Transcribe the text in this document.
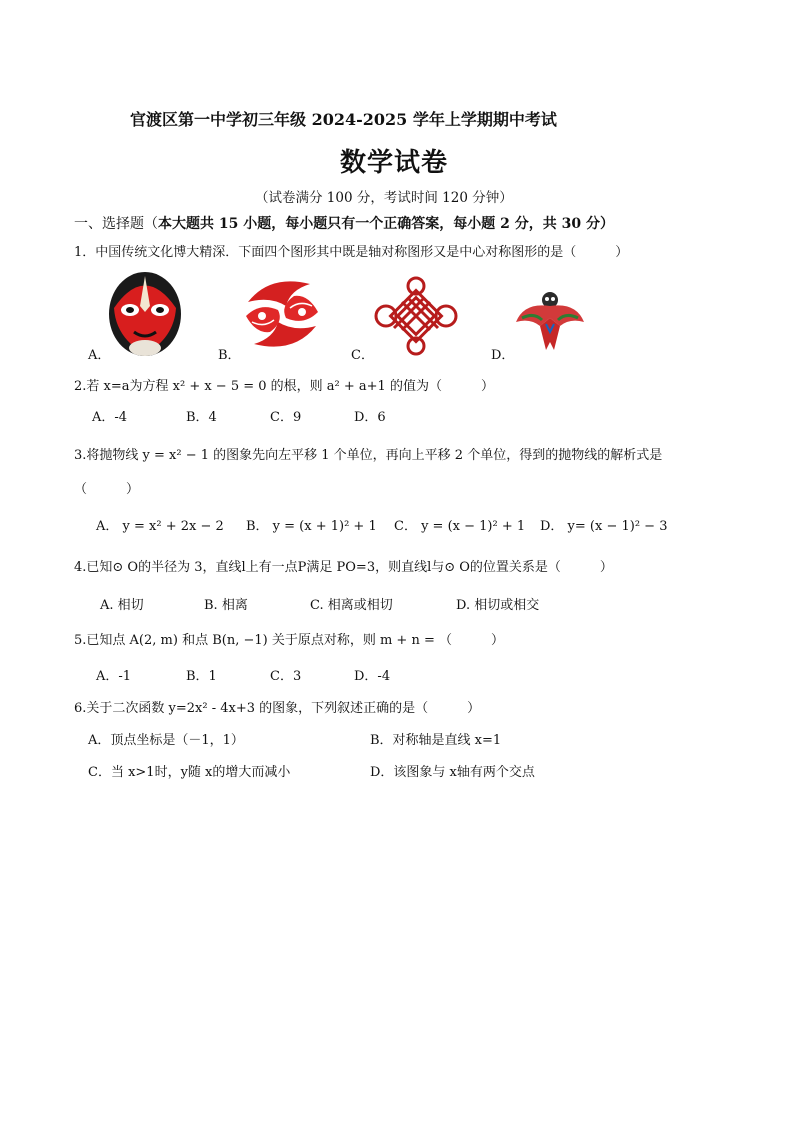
官渡区第一中学初三年级 2024-2025 学年上学期期中考试
数学试卷
（试卷满分 100 分，考试时间 120 分钟）
一、选择题（本大题共 15 小题，每小题只有一个正确答案，每小题 2 分，共 30 分）
1．中国传统文化博大精深．下面四个图形其中既是轴对称图形又是中心对称图形的是（　　　）
A．	B．	C．	D．
2.若 x=a为方程 x² + x − 5 = 0 的根，则 a² + a+1 的值为（　　　）
A．-4	B．4	C．9	D．6
3.将抛物线 y = x² − 1 的图象先向左平移 1 个单位，再向上平移 2 个单位，得到的抛物线的解析式是
（　　　）
A． y = x² + 2x − 2 B． y = (x + 1)² + 1 C． y = (x − 1)² + 1 D． y= (x − 1)² − 3
4.已知⊙ O的半径为 3，直线l上有一点P满足 PO=3，则直线l与⊙ O的位置关系是（　　　）
A. 相切	B. 相离	C. 相离或相切	D. 相切或相交
5.已知点 A(2, m) 和点 B(n, −1) 关于原点对称，则 m + n = （　　　）
A．-1	B．1	C．3	D．-4
6.关于二次函数 y=2x² - 4x+3 的图象，下列叙述正确的是（　　　）
A．顶点坐标是（－1，1）	B．对称轴是直线 x=1
C．当 x>1时，y随 x的增大而减小	D．该图象与 x轴有两个交点
